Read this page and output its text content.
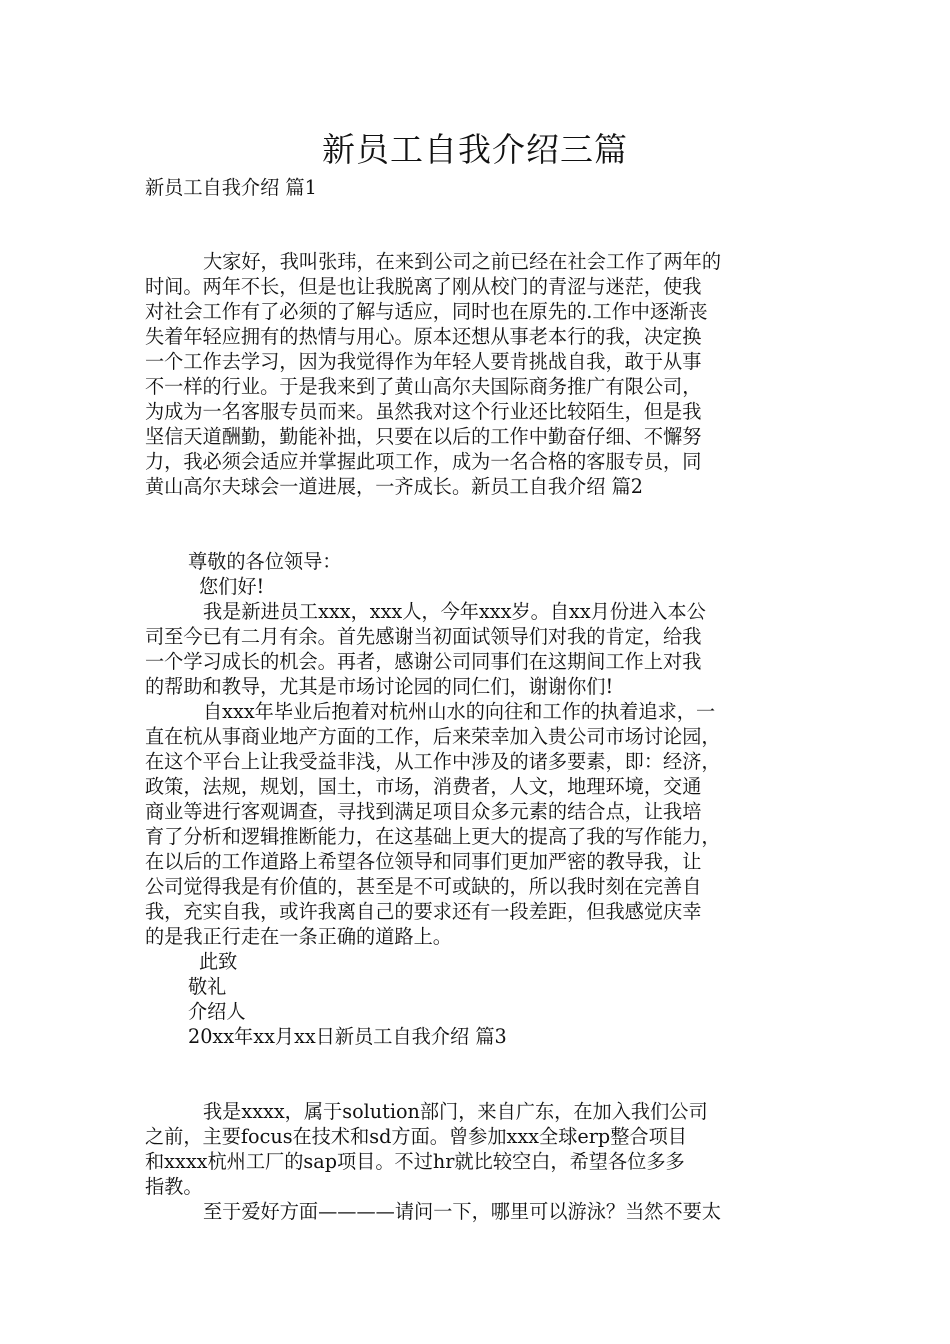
新员工自我介绍三篇

新员工自我介绍 篇1

大家好，我叫张玮，在来到公司之前已经在社会工作了两年的

时间。两年不长，但是也让我脱离了刚从校门的青涩与迷茫，使我

对社会工作有了必须的了解与适应，同时也在原先的.工作中逐渐丧

失着年轻应拥有的热情与用心。原本还想从事老本行的我，决定换

一个工作去学习，因为我觉得作为年轻人要肯挑战自我，敢于从事

不一样的行业。于是我来到了黄山高尔夫国际商务推广有限公司，

为成为一名客服专员而来。虽然我对这个行业还比较陌生，但是我

坚信天道酬勤，勤能补拙，只要在以后的工作中勤奋仔细、不懈努

力，我必须会适应并掌握此项工作，成为一名合格的客服专员，同

黄山高尔夫球会一道进展，一齐成长。新员工自我介绍 篇2

尊敬的各位领导：

您们好!

我是新进员工xxx，xxx人，今年xxx岁。自xx月份进入本公

司至今已有二月有余。首先感谢当初面试领导们对我的肯定，给我

一个学习成长的机会。再者，感谢公司同事们在这期间工作上对我

的帮助和教导，尤其是市场讨论园的同仁们，谢谢你们!

自xxx年毕业后抱着对杭州山水的向往和工作的执着追求，一

直在杭从事商业地产方面的工作，后来荣幸加入贵公司市场讨论园，

在这个平台上让我受益非浅，从工作中涉及的诸多要素，即：经济，

政策，法规，规划，国土，市场，消费者，人文，地理环境，交通

商业等进行客观调查，寻找到满足项目众多元素的结合点，让我培

育了分析和逻辑推断能力，在这基础上更大的提高了我的写作能力，

在以后的工作道路上希望各位领导和同事们更加严密的教导我，让

公司觉得我是有价值的，甚至是不可或缺的，所以我时刻在完善自

我，充实自我，或许我离自己的要求还有一段差距，但我感觉庆幸

的是我正行走在一条正确的道路上。

此致

敬礼

介绍人

20xx年xx月xx日新员工自我介绍 篇3

我是xxxx，属于solution部门，来自广东，在加入我们公司

之前，主要focus在技术和sd方面。曾参加xxx全球erp整合项目

和xxxx杭州工厂的sap项目。不过hr就比较空白，希望各位多多

指教。

至于爱好方面————请问一下，哪里可以游泳？当然不要太
